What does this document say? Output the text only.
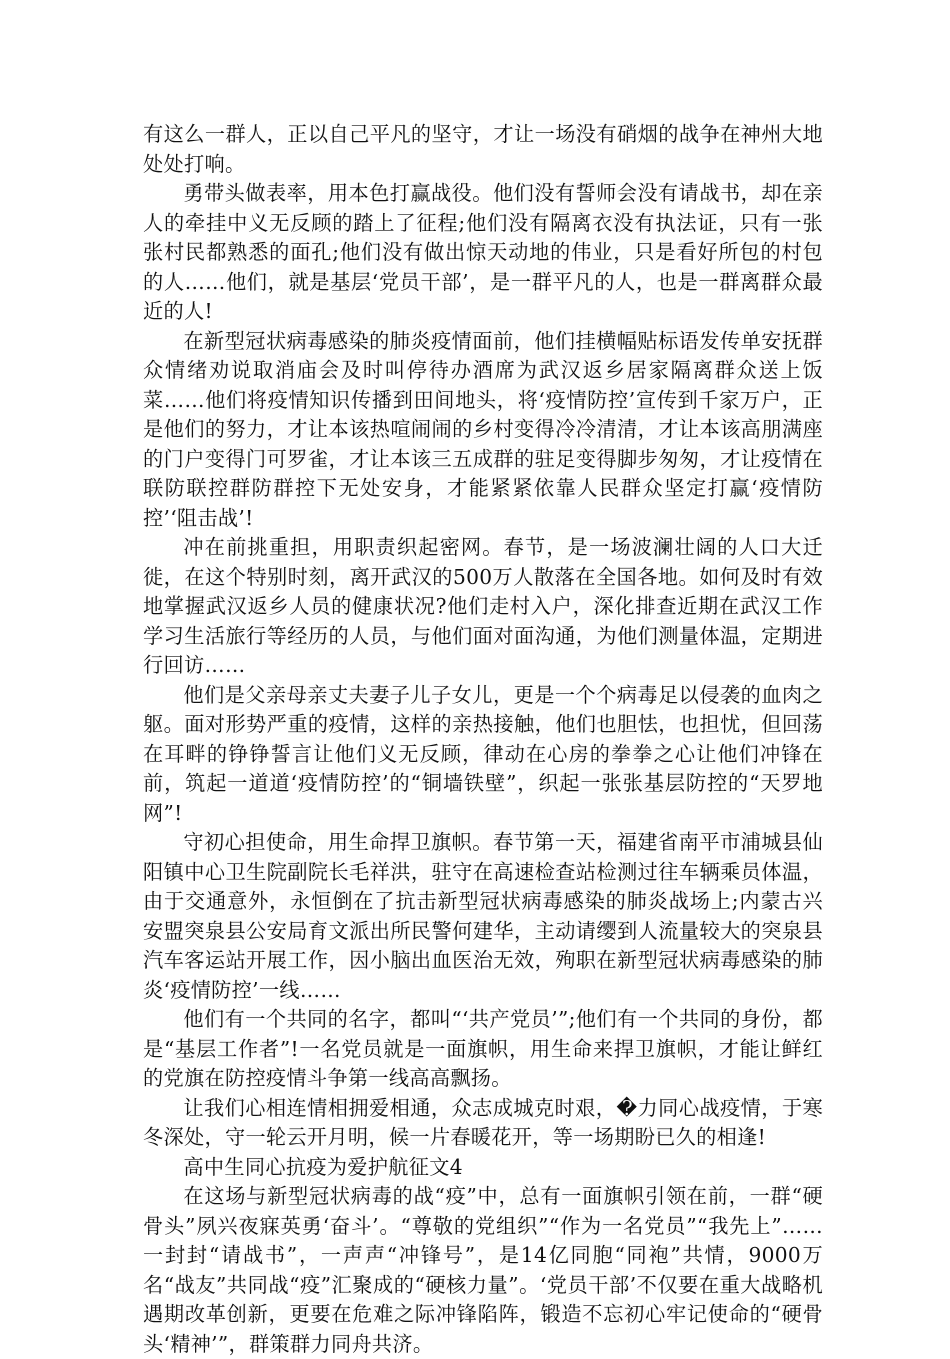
有这么一群人，正以自己平凡的坚守，才让一场没有硝烟的战争在神州大地处处打响。

勇带头做表率，用本色打赢战役。他们没有誓师会没有请战书，却在亲人的牵挂中义无反顾的踏上了征程;他们没有隔离衣没有执法证，只有一张张村民都熟悉的面孔;他们没有做出惊天动地的伟业，只是看好所包的村包的人……他们，就是基层‘党员干部’，是一群平凡的人，也是一群离群众最近的人!

在新型冠状病毒感染的肺炎疫情面前，他们挂横幅贴标语发传单安抚群众情绪劝说取消庙会及时叫停待办酒席为武汉返乡居家隔离群众送上饭菜……他们将疫情知识传播到田间地头，将‘疫情防控’宣传到千家万户，正是他们的努力，才让本该热喧闹闹的乡村变得冷冷清清，才让本该高朋满座的门户变得门可罗雀，才让本该三五成群的驻足变得脚步匆匆，才让疫情在联防联控群防群控下无处安身，才能紧紧依靠人民群众坚定打赢‘疫情防控’‘阻击战’!

冲在前挑重担，用职责织起密网。春节，是一场波澜壮阔的人口大迁徙，在这个特别时刻，离开武汉的500万人散落在全国各地。如何及时有效地掌握武汉返乡人员的健康状况?他们走村入户，深化排查近期在武汉工作学习生活旅行等经历的人员，与他们面对面沟通，为他们测量体温，定期进行回访……

他们是父亲母亲丈夫妻子儿子女儿，更是一个个病毒足以侵袭的血肉之躯。面对形势严重的疫情，这样的亲热接触，他们也胆怯，也担忧，但回荡在耳畔的铮铮誓言让他们义无反顾，律动在心房的拳拳之心让他们冲锋在前，筑起一道道‘疫情防控’的“铜墙铁壁”，织起一张张基层防控的“天罗地网”!

守初心担使命，用生命捍卫旗帜。春节第一天，福建省南平市浦城县仙阳镇中心卫生院副院长毛祥洪，驻守在高速检查站检测过往车辆乘员体温，由于交通意外，永恒倒在了抗击新型冠状病毒感染的肺炎战场上;内蒙古兴安盟突泉县公安局育文派出所民警何建华，主动请缨到人流量较大的突泉县汽车客运站开展工作，因小脑出血医治无效，殉职在新型冠状病毒感染的肺炎‘疫情防控’一线……

他们有一个共同的名字，都叫“‘共产党员’”;他们有一个共同的身份，都是“基层工作者”!一名党员就是一面旗帜，用生命来捍卫旗帜，才能让鲜红的党旗在防控疫情斗争第一线高高飘扬。

让我们心相连情相拥爱相通，众志成城克时艰，�力同心战疫情，于寒冬深处，守一轮云开月明，候一片春暖花开，等一场期盼已久的相逢!

高中生同心抗疫为爱护航征文4

在这场与新型冠状病毒的战“疫”中，总有一面旗帜引领在前，一群“硬骨头”夙兴夜寐英勇‘奋斗’。“尊敬的党组织”“作为一名党员”“我先上”……一封封“请战书”，一声声“冲锋号”，是14亿同胞“同袍”共情，9000万名“战友”共同战“疫”汇聚成的“硬核力量”。‘党员干部’不仅要在重大战略机遇期改革创新，更要在危难之际冲锋陷阵，锻造不忘初心牢记使命的“硬骨头‘精神’”，群策群力同舟共济。
